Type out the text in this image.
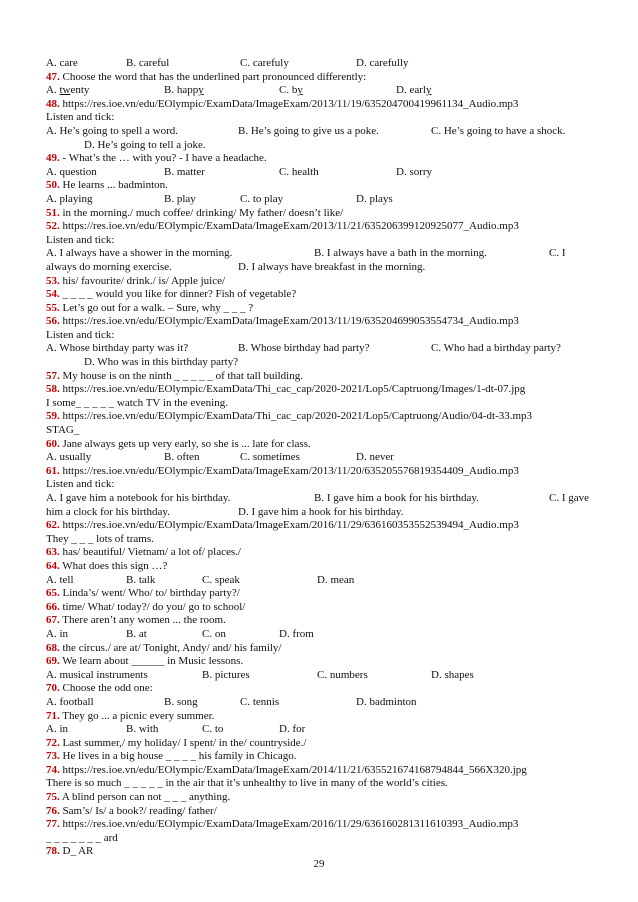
A. care	B. careful	C. carefuly	D. carefully
47. Choose the word that has the underlined part pronounced differently:
A. twenty	B. happy	C. by	D. early
48. https://res.ioe.vn/edu/EOlympic/ExamData/ImageExam/2013/11/19/635204700419961134_Audio.mp3
Listen and tick:
A. He’s going to spell a word.	B. He’s going to give us a poke.	C. He’s going to have a shock.
D. He’s going to tell a joke.
49. - What’s the … with you? - I have a headache.
A. question	B. matter	C. health	D. sorry
50. He learns ... badminton.
A. playing	B. play	C. to play	D. plays
51. in the morning./ much coffee/ drinking/ My father/ doesn’t like/
52. https://res.ioe.vn/edu/EOlympic/ExamData/ImageExam/2013/11/21/635206399120925077_Audio.mp3
Listen and tick:
A. I always have a shower in the morning.	B. I always have a bath in the morning.	C. I
always do morning exercise.	D. I always have breakfast in the morning.
53. his/ favourite/ drink./ is/ Apple juice/
54. _ _ _ _ would you like for dinner? Fish of vegetable?
55. Let’s go out for a walk. – Sure, why _ _ _ ?
56. https://res.ioe.vn/edu/EOlympic/ExamData/ImageExam/2013/11/19/635204699053554734_Audio.mp3
Listen and tick:
A. Whose birthday party was it?	B. Whose birthday had party?	C. Who had a birthday party?
D. Who was in this birthday party?
57. My house is on the ninth _ _ _ _ _ of that tall building.
58. https://res.ioe.vn/edu/EOlympic/ExamData/Thi_cac_cap/2020-2021/Lop5/Captruong/Images/1-dt-07.jpg
I some_ _ _ _ _ watch TV in the evening.
59. https://res.ioe.vn/edu/EOlympic/ExamData/Thi_cac_cap/2020-2021/Lop5/Captruong/Audio/04-dt-33.mp3
STAG_
60. Jane always gets up very early, so she is ... late for class.
A. usually	B. often	C. sometimes	D. never
61. https://res.ioe.vn/edu/EOlympic/ExamData/ImageExam/2013/11/20/635205576819354409_Audio.mp3
Listen and tick:
A. I gave him a notebook for his birthday.	B. I gave him a book for his birthday.	C. I gave
him a clock for his birthday.	D. I gave him a hook for his birthday.
62. https://res.ioe.vn/edu/EOlympic/ExamData/ImageExam/2016/11/29/636160353552539494_Audio.mp3
They _ _ _ lots of trams.
63. has/ beautiful/ Vietnam/ a lot of/ places./
64. What does this sign …?
A. tell	B. talk	C. speak	D. mean
65. Linda’s/ went/ Who/ to/ birthday party?/
66. time/ What/ today?/ do you/ go to school/
67. There aren’t any women ... the room.
A. in	B. at	C. on	D. from
68. the circus./ are at/ Tonight, Andy/ and/ his family/
69. We learn about ______ in Music lessons.
A. musical instruments	B. pictures	C. numbers	D. shapes
70. Choose the odd one:
A. football	B. song	C. tennis	D. badminton
71. They go ... a picnic every summer.
A. in	B. with	C. to	D. for
72. Last summer,/ my holiday/ I spent/ in the/ countryside./
73. He lives in a big house _ _ _ _ his family in Chicago.
74. https://res.ioe.vn/edu/EOlympic/ExamData/ImageExam/2014/11/21/635521674168794844_566X320.jpg
There is so much _ _ _ _ _ in the air that it’s unhealthy to live in many of the world’s cities.
75. A blind person can not _ _ _ anything.
76. Sam’s/ Is/ a book?/ reading/ father/
77. https://res.ioe.vn/edu/EOlympic/ExamData/ImageExam/2016/11/29/636160281311610393_Audio.mp3
_ _ _ _ _ _ _ ard
78. D_ AR
29
